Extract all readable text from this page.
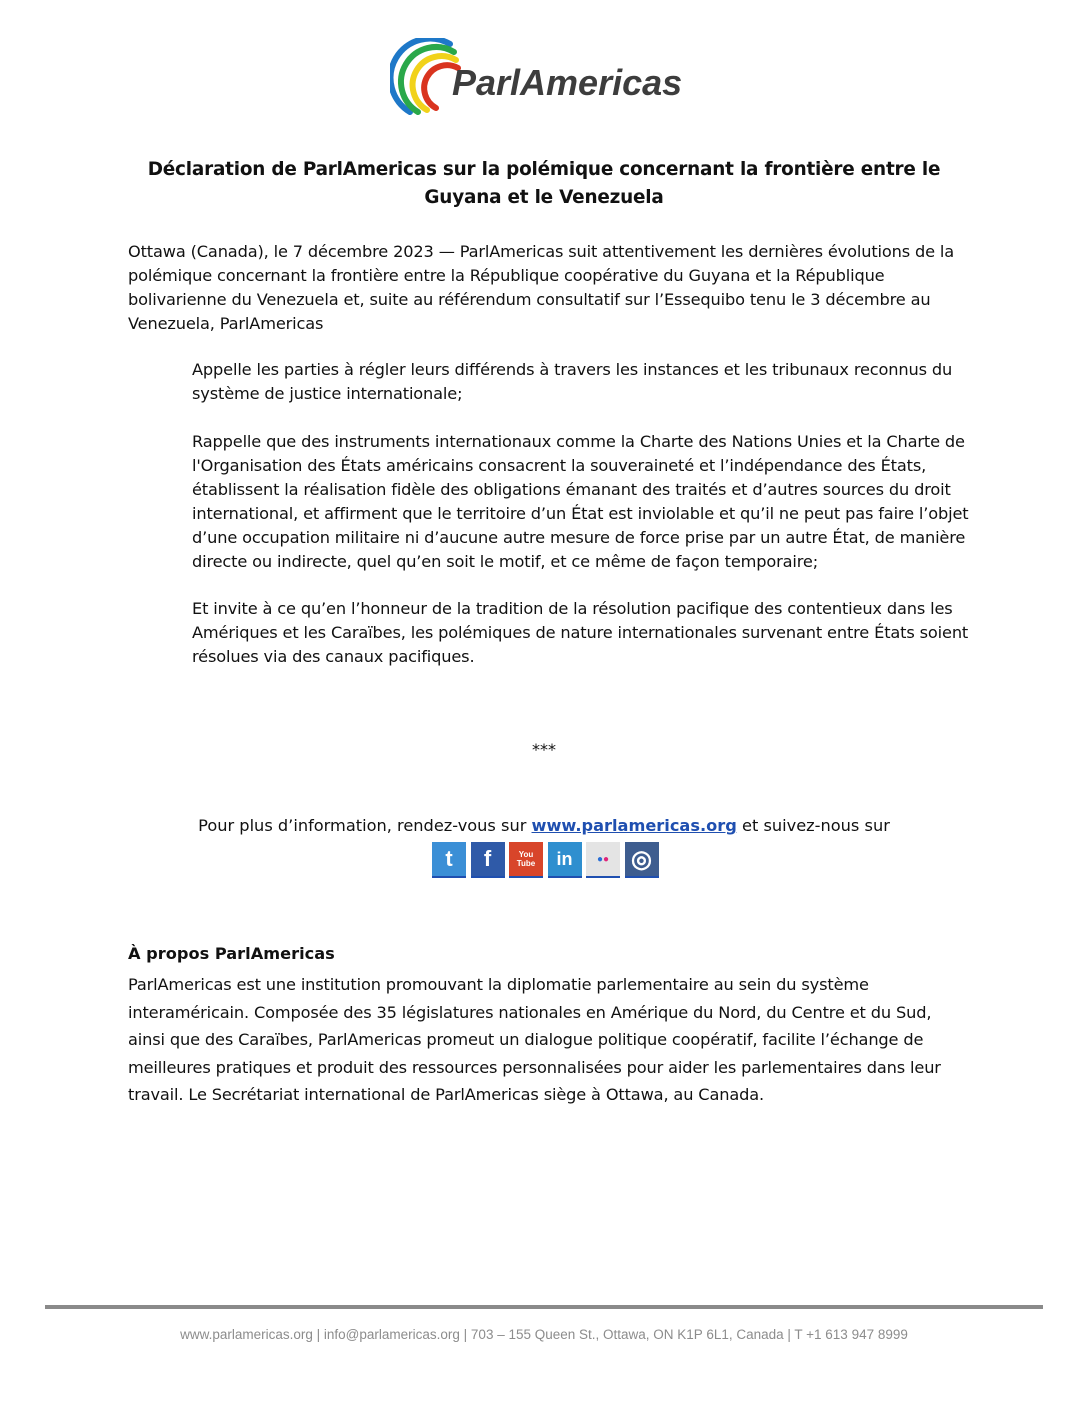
ParlAmericas
Déclaration de ParlAmericas sur la polémique concernant la frontière entre le Guyana et le Venezuela
Ottawa (Canada), le 7 décembre 2023 — ParlAmericas suit attentivement les dernières évolutions de la polémique concernant la frontière entre la République coopérative du Guyana et la République bolivarienne du Venezuela et, suite au référendum consultatif sur l’Essequibo tenu le 3 décembre au Venezuela, ParlAmericas
Appelle les parties à régler leurs différends à travers les instances et les tribunaux reconnus du système de justice internationale;
Rappelle que des instruments internationaux comme la Charte des Nations Unies et la Charte de l'Organisation des États américains consacrent la souveraineté et l’indépendance des États, établissent la réalisation fidèle des obligations émanant des traités et d’autres sources du droit international, et affirment que le territoire d’un État est inviolable et qu’il ne peut pas faire l’objet d’une occupation militaire ni d’aucune autre mesure de force prise par un autre État, de manière directe ou indirecte, quel qu’en soit le motif, et ce même de façon temporaire;
Et invite à ce qu’en l’honneur de la tradition de la résolution pacifique des contentieux dans les Amériques et les Caraïbes, les polémiques de nature internationales survenant entre États soient résolues via des canaux pacifiques.
***
Pour plus d’information, rendez-vous sur www.parlamericas.org et suivez-nous sur
t	f	You
Tube	in	● ● ◎
À propos ParlAmericas
ParlAmericas est une institution promouvant la diplomatie parlementaire au sein du système interaméricain. Composée des 35 législatures nationales en Amérique du Nord, du Centre et du Sud, ainsi que des Caraïbes, ParlAmericas promeut un dialogue politique coopératif, facilite l’échange de meilleures pratiques et produit des ressources personnalisées pour aider les parlementaires dans leur travail. Le Secrétariat international de ParlAmericas siège à Ottawa, au Canada.
www.parlamericas.org | info@parlamericas.org | 703 – 155 Queen St., Ottawa, ON K1P 6L1, Canada | T +1 613 947 8999
